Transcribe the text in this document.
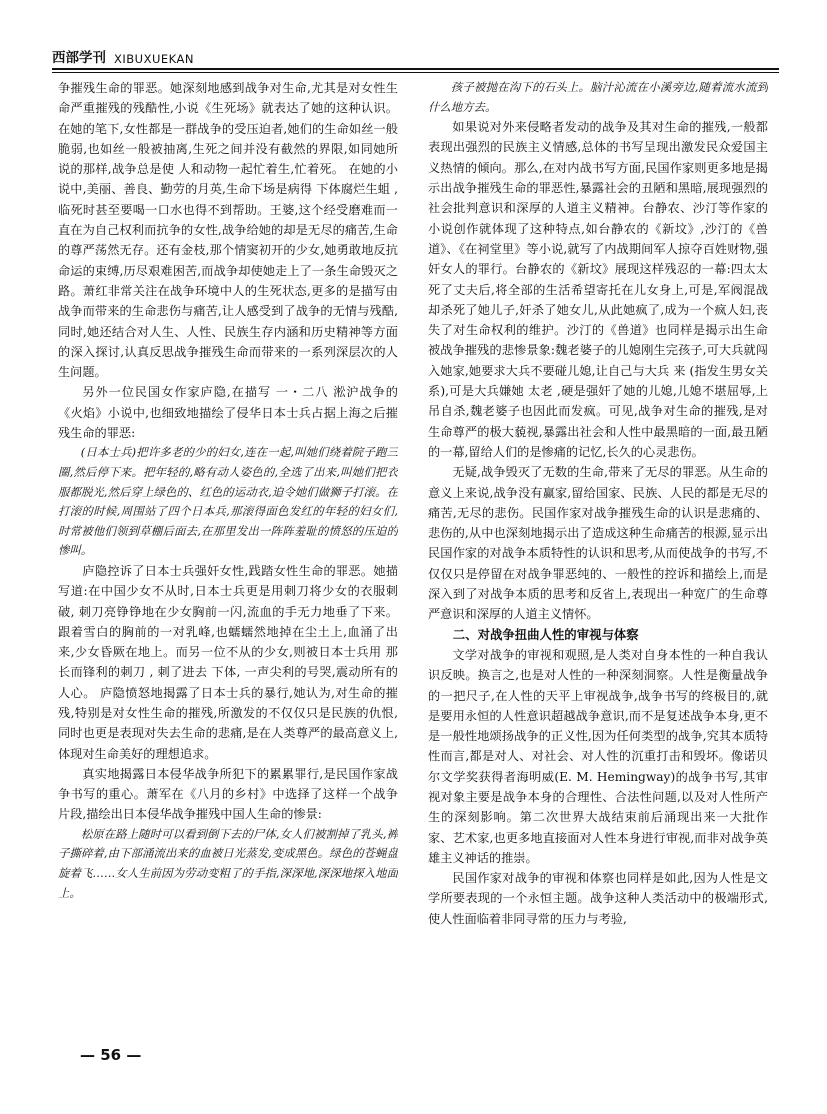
西部学刊 XIBUXUEKAN

争摧残生命的罪恶。她深刻地感到战争对生命,尤其是对女性生命严重摧残的残酷性,小说《生死场》就表达了她的这种认识。在她的笔下,女性都是一群战争的受压迫者,她们的生命如丝一般脆弱,也如丝一般被抽离,生死之间并没有截然的界限,如同她所说的那样,战争总是使 人和动物一起忙着生,忙着死。 在她的小说中,美丽、善良、勤劳的月英,生命下场是病得 下体腐烂生蛆 ,临死时甚至要喝一口水也得不到帮助。王婆,这个经受磨难而一直在为自己权利而抗争的女性,战争给她的却是无尽的痛苦,生命的尊严荡然无存。还有金枝,那个情窦初开的少女,她勇敢地反抗命运的束缚,历尽艰难困苦,而战争却使她走上了一条生命毁灭之路。萧红非常关注在战争环境中人的生死状态,更多的是描写由战争而带来的生命悲伤与痛苦,让人感受到了战争的无情与残酷,同时,她还结合对人生、人性、民族生存内涵和历史精神等方面的深入探讨,认真反思战争摧残生命而带来的一系列深层次的人生问题。

另外一位民国女作家庐隐,在描写 一・二八 淞沪战争的《火焰》小说中,也细致地描绘了侵华日本士兵占据上海之后摧残生命的罪恶:

(日本士兵)把许多老的少的妇女,连在一起,叫她们绕着院子跑三圈,然后停下来。把年轻的,略有动人姿色的,全选了出来,叫她们把衣服都脱光,然后穿上绿色的、红色的运动衣,迫令她们做狮子打滚。在打滚的时候,周围站了四个日本兵,那滚得面色发红的年轻的妇女们,时常被他们领到草棚后面去,在那里发出一阵阵羞耻的愤怒的压迫的惨叫。

庐隐控诉了日本士兵强奸女性,践踏女性生命的罪恶。她描写道:在中国少女不从时,日本士兵更是用刺刀将少女的衣服刺破, 刺刀亮铮铮地在少女胸前一闪,流血的手无力地垂了下来。跟着雪白的胸前的一对乳峰,也蠕蠕然地掉在尘土上,血涌了出来,少女昏厥在地上。而另一位不从的少女,则被日本士兵用 那长而锋利的刺刀 , 刺了进去 下体, 一声尖利的号哭,震动所有的人心。 庐隐愤怒地揭露了日本士兵的暴行,她认为,对生命的摧残,特别是对女性生命的摧残,所激发的不仅仅只是民族的仇恨,同时也更是表现对失去生命的悲痛,是在人类尊严的最高意义上,体现对生命美好的理想追求。

真实地揭露日本侵华战争所犯下的累累罪行,是民国作家战争书写的重心。萧军在《八月的乡村》中选择了这样一个战争片段,描绘出日本侵华战争摧残中国人生命的惨景:

松原在路上随时可以看到倒下去的尸体,女人们被割掉了乳头,裤子撕碎着,由下部涌流出来的血被日光蒸发,变成黑色。绿色的苍蝇盘旋着飞……女人生前因为劳动变粗了的手指,深深地,深深地探入地面上。

孩子被抛在沟下的石头上。脑汁沁流在小溪旁边,随着流水流到什么地方去。

如果说对外来侵略者发动的战争及其对生命的摧残,一般都表现出强烈的民族主义情感,总体的书写呈现出激发民众爱国主义热情的倾向。那么,在对内战书写方面,民国作家则更多地是揭示出战争摧残生命的罪恶性,暴露社会的丑陋和黑暗,展现强烈的社会批判意识和深厚的人道主义精神。台静农、沙汀等作家的小说创作就体现了这种特点,如台静农的《新坟》,沙汀的《兽道》、《在祠堂里》等小说,就写了内战期间军人掠夺百姓财物,强奸女人的罪行。台静农的《新坟》展现这样残忍的一幕:四太太死了丈夫后,将全部的生活希望寄托在儿女身上,可是,军阀混战却杀死了她儿子,奸杀了她女儿,从此她疯了,成为一个疯人妇,丧失了对生命权利的维护。沙汀的《兽道》也同样是揭示出生命被战争摧残的悲惨景象:魏老婆子的儿媳刚生完孩子,可大兵就闯入她家,她要求大兵不要碰儿媳,让自己与大兵 来 (指发生男女关系),可是大兵嫌她 太老 ,硬是强奸了她的儿媳,儿媳不堪屈辱,上吊自杀,魏老婆子也因此而发疯。可见,战争对生命的摧残,是对生命尊严的极大藐视,暴露出社会和人性中最黑暗的一面,最丑陋的一幕,留给人们的是惨痛的记忆,长久的心灵悲伤。

无疑,战争毁灭了无数的生命,带来了无尽的罪恶。从生命的意义上来说,战争没有赢家,留给国家、民族、人民的都是无尽的痛苦,无尽的悲伤。民国作家对战争摧残生命的认识是悲痛的、悲伤的,从中也深刻地揭示出了造成这种生命痛苦的根源,显示出民国作家的对战争本质特性的认识和思考,从而使战争的书写,不仅仅只是停留在对战争罪恶纯的、一般性的控诉和描绘上,而是深入到了对战争本质的思考和反省上,表现出一种宽广的生命尊严意识和深厚的人道主义情怀。

二、对战争扭曲人性的审视与体察

文学对战争的审视和观照,是人类对自身本性的一种自我认识反映。换言之,也是对人性的一种深刻洞察。人性是衡量战争的一把尺子,在人性的天平上审视战争,战争书写的终极目的,就是要用永恒的人性意识超越战争意识,而不是复述战争本身,更不是一般性地颂扬战争的正义性,因为任何类型的战争,究其本质特性而言,都是对人、对社会、对人性的沉重打击和毁坏。像诺贝尔文学奖获得者海明威(E. M. Hemingway)的战争书写,其审视对象主要是战争本身的合理性、合法性问题,以及对人性所产生的深刻影响。第二次世界大战结束前后涌现出来一大批作家、艺术家,也更多地直接面对人性本身进行审视,而非对战争英雄主义神话的推崇。

民国作家对战争的审视和体察也同样是如此,因为人性是文学所要表现的一个永恒主题。战争这种人类活动中的极端形式,使人性面临着非同寻常的压力与考验,

— 56 —
